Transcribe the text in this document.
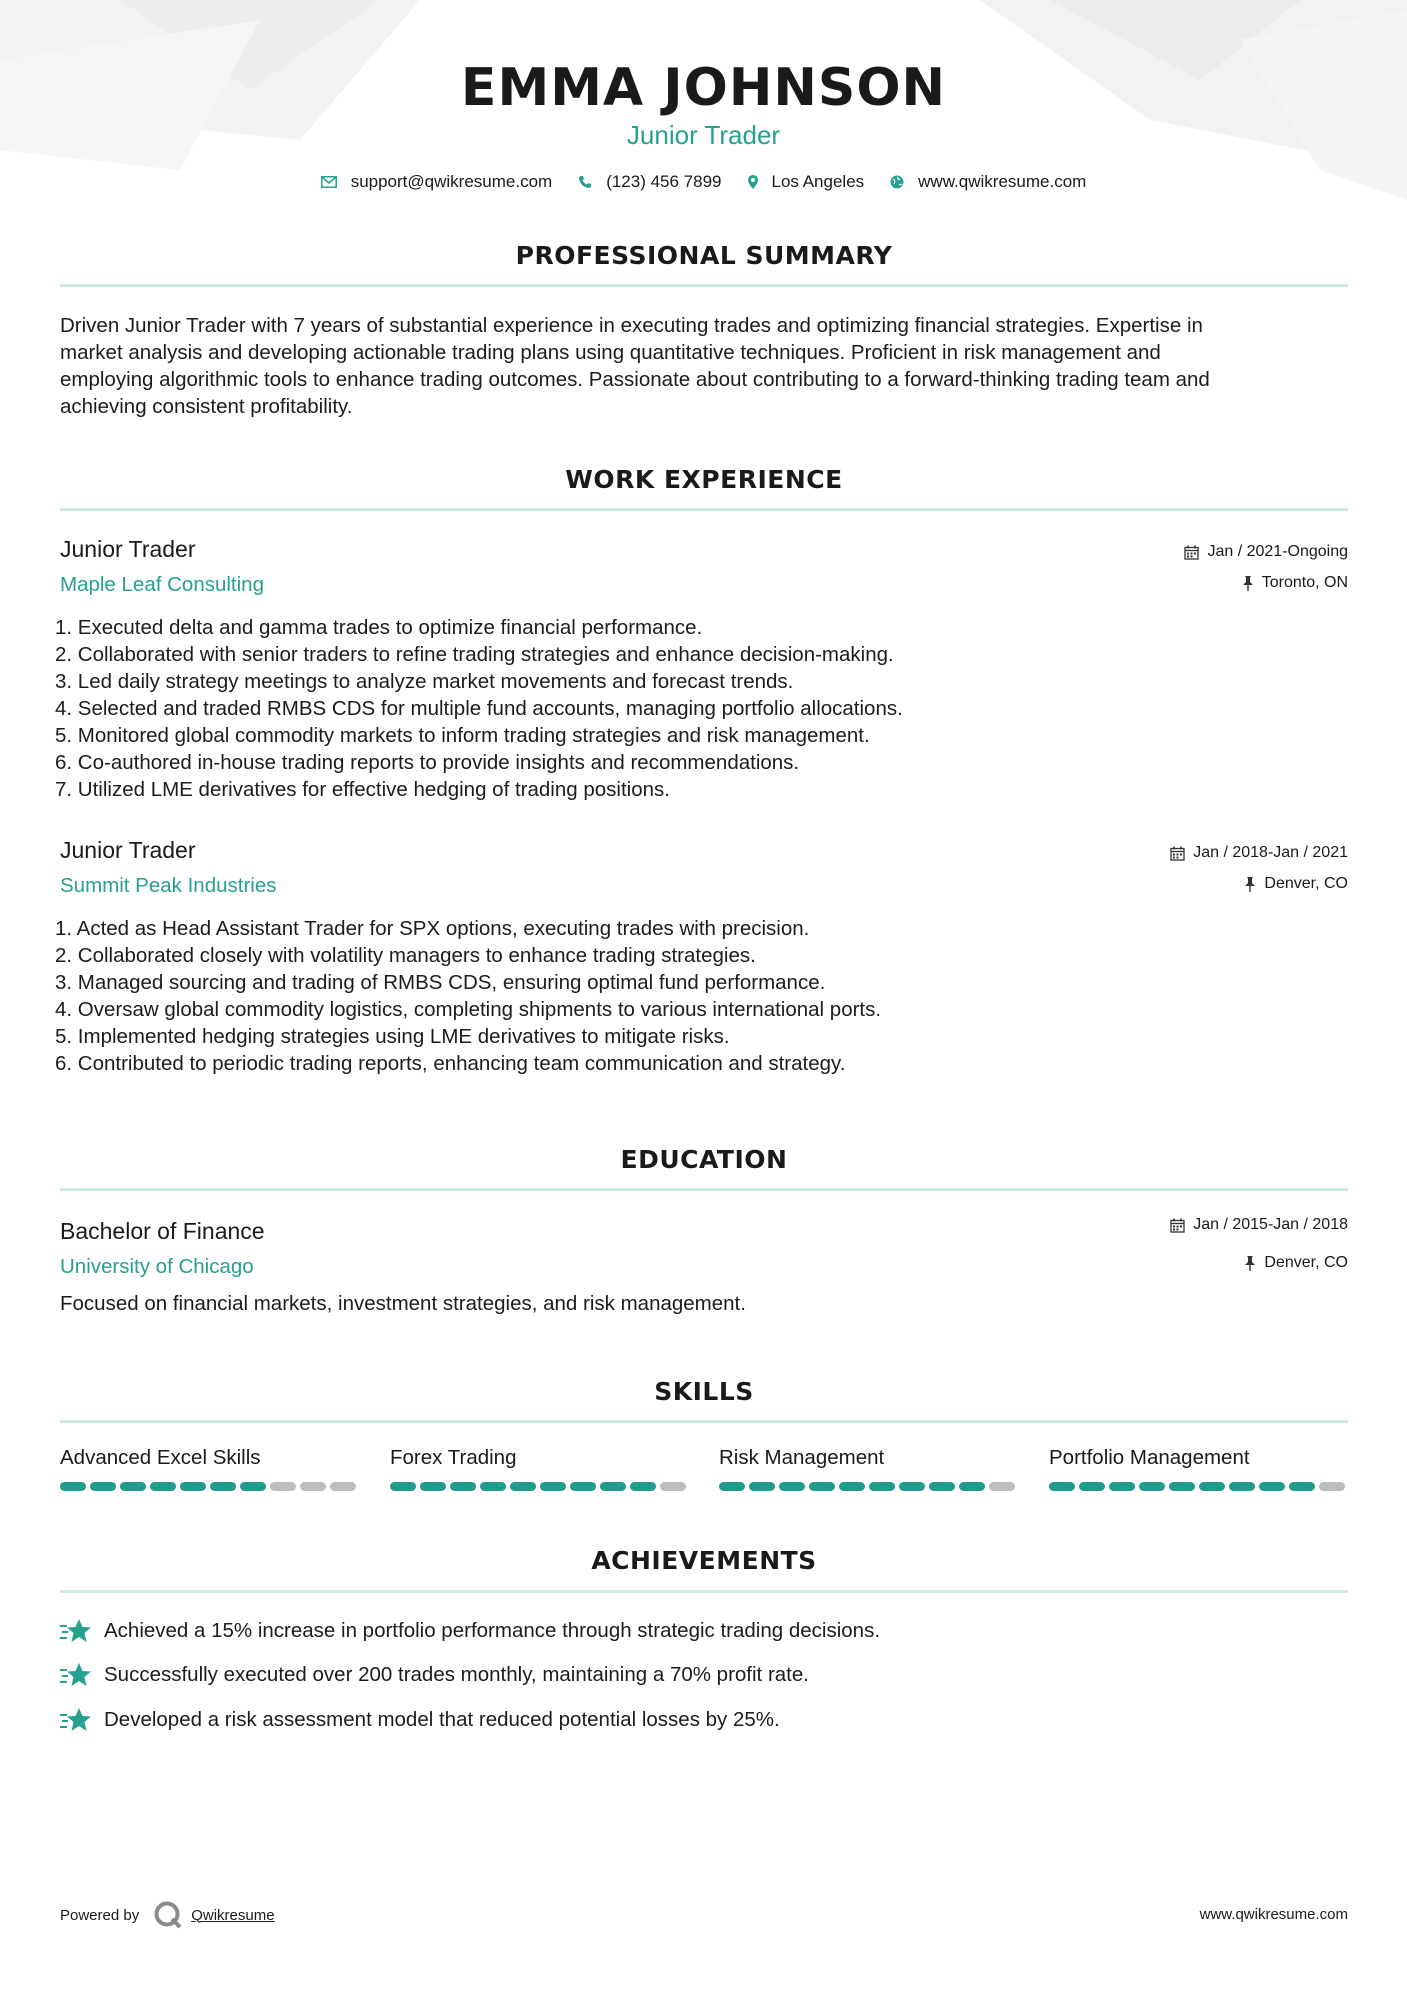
EMMA JOHNSON
Junior Trader
support@qwikresume.com	(123) 456 7899	Los Angeles	www.qwikresume.com
PROFESSIONAL SUMMARY
Driven Junior Trader with 7 years of substantial experience in executing trades and optimizing financial strategies. Expertise in
market analysis and developing actionable trading plans using quantitative techniques. Proficient in risk management and
employing algorithmic tools to enhance trading outcomes. Passionate about contributing to a forward-thinking trading team and
achieving consistent profitability.
WORK EXPERIENCE
Junior Trader
Maple Leaf Consulting
Jan / 2021-Ongoing
Toronto, ON
1. Executed delta and gamma trades to optimize financial performance.
2. Collaborated with senior traders to refine trading strategies and enhance decision-making.
3. Led daily strategy meetings to analyze market movements and forecast trends.
4. Selected and traded RMBS CDS for multiple fund accounts, managing portfolio allocations.
5. Monitored global commodity markets to inform trading strategies and risk management.
6. Co-authored in-house trading reports to provide insights and recommendations.
7. Utilized LME derivatives for effective hedging of trading positions.
Junior Trader
Summit Peak Industries
Jan / 2018-Jan / 2021
Denver, CO
1. Acted as Head Assistant Trader for SPX options, executing trades with precision.
2. Collaborated closely with volatility managers to enhance trading strategies.
3. Managed sourcing and trading of RMBS CDS, ensuring optimal fund performance.
4. Oversaw global commodity logistics, completing shipments to various international ports.
5. Implemented hedging strategies using LME derivatives to mitigate risks.
6. Contributed to periodic trading reports, enhancing team communication and strategy.
EDUCATION
Bachelor of Finance
University of Chicago
Jan / 2015-Jan / 2018
Denver, CO
Focused on financial markets, investment strategies, and risk management.
SKILLS
Advanced Excel Skills	Forex Trading	Risk Management	Portfolio Management
ACHIEVEMENTS
Achieved a 15% increase in portfolio performance through strategic trading decisions.
Successfully executed over 200 trades monthly, maintaining a 70% profit rate.
Developed a risk assessment model that reduced potential losses by 25%.
Powered by	Qwikresume	www.qwikresume.com
